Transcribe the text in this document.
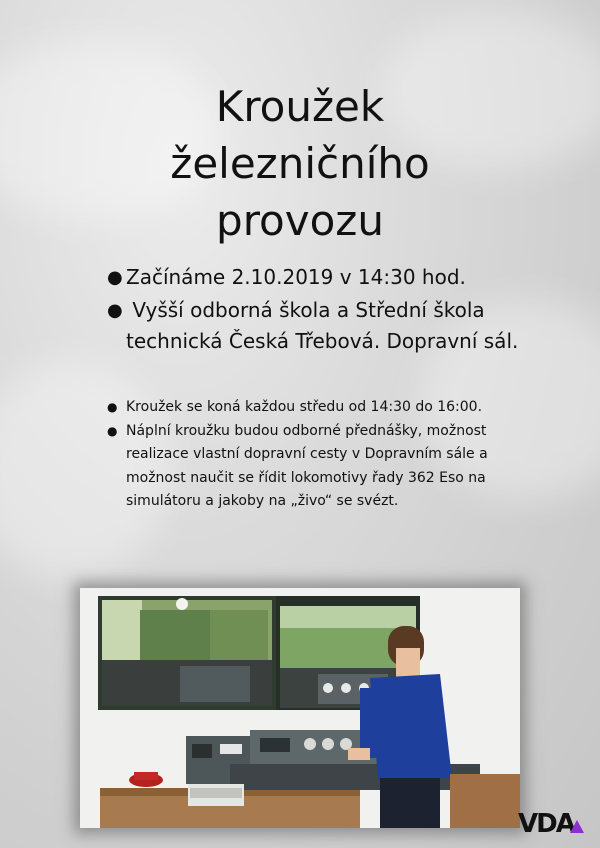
Kroužek
železničního
provozu
● Začínáme 2.10.2019 v 14:30 hod.
● Vyšší odborná škola a Střední škola technická Česká Třebová. Dopravní sál.
● Kroužek se koná každou středu od 14:30 do 16:00.
● Náplní kroužku budou odborné přednášky, možnost realizace vlastní dopravní cesty v Dopravním sále a možnost naučit se řídit lokomotivy řady 362 Eso na simulátoru a jakoby na „živo“ se svézt.
VDA
